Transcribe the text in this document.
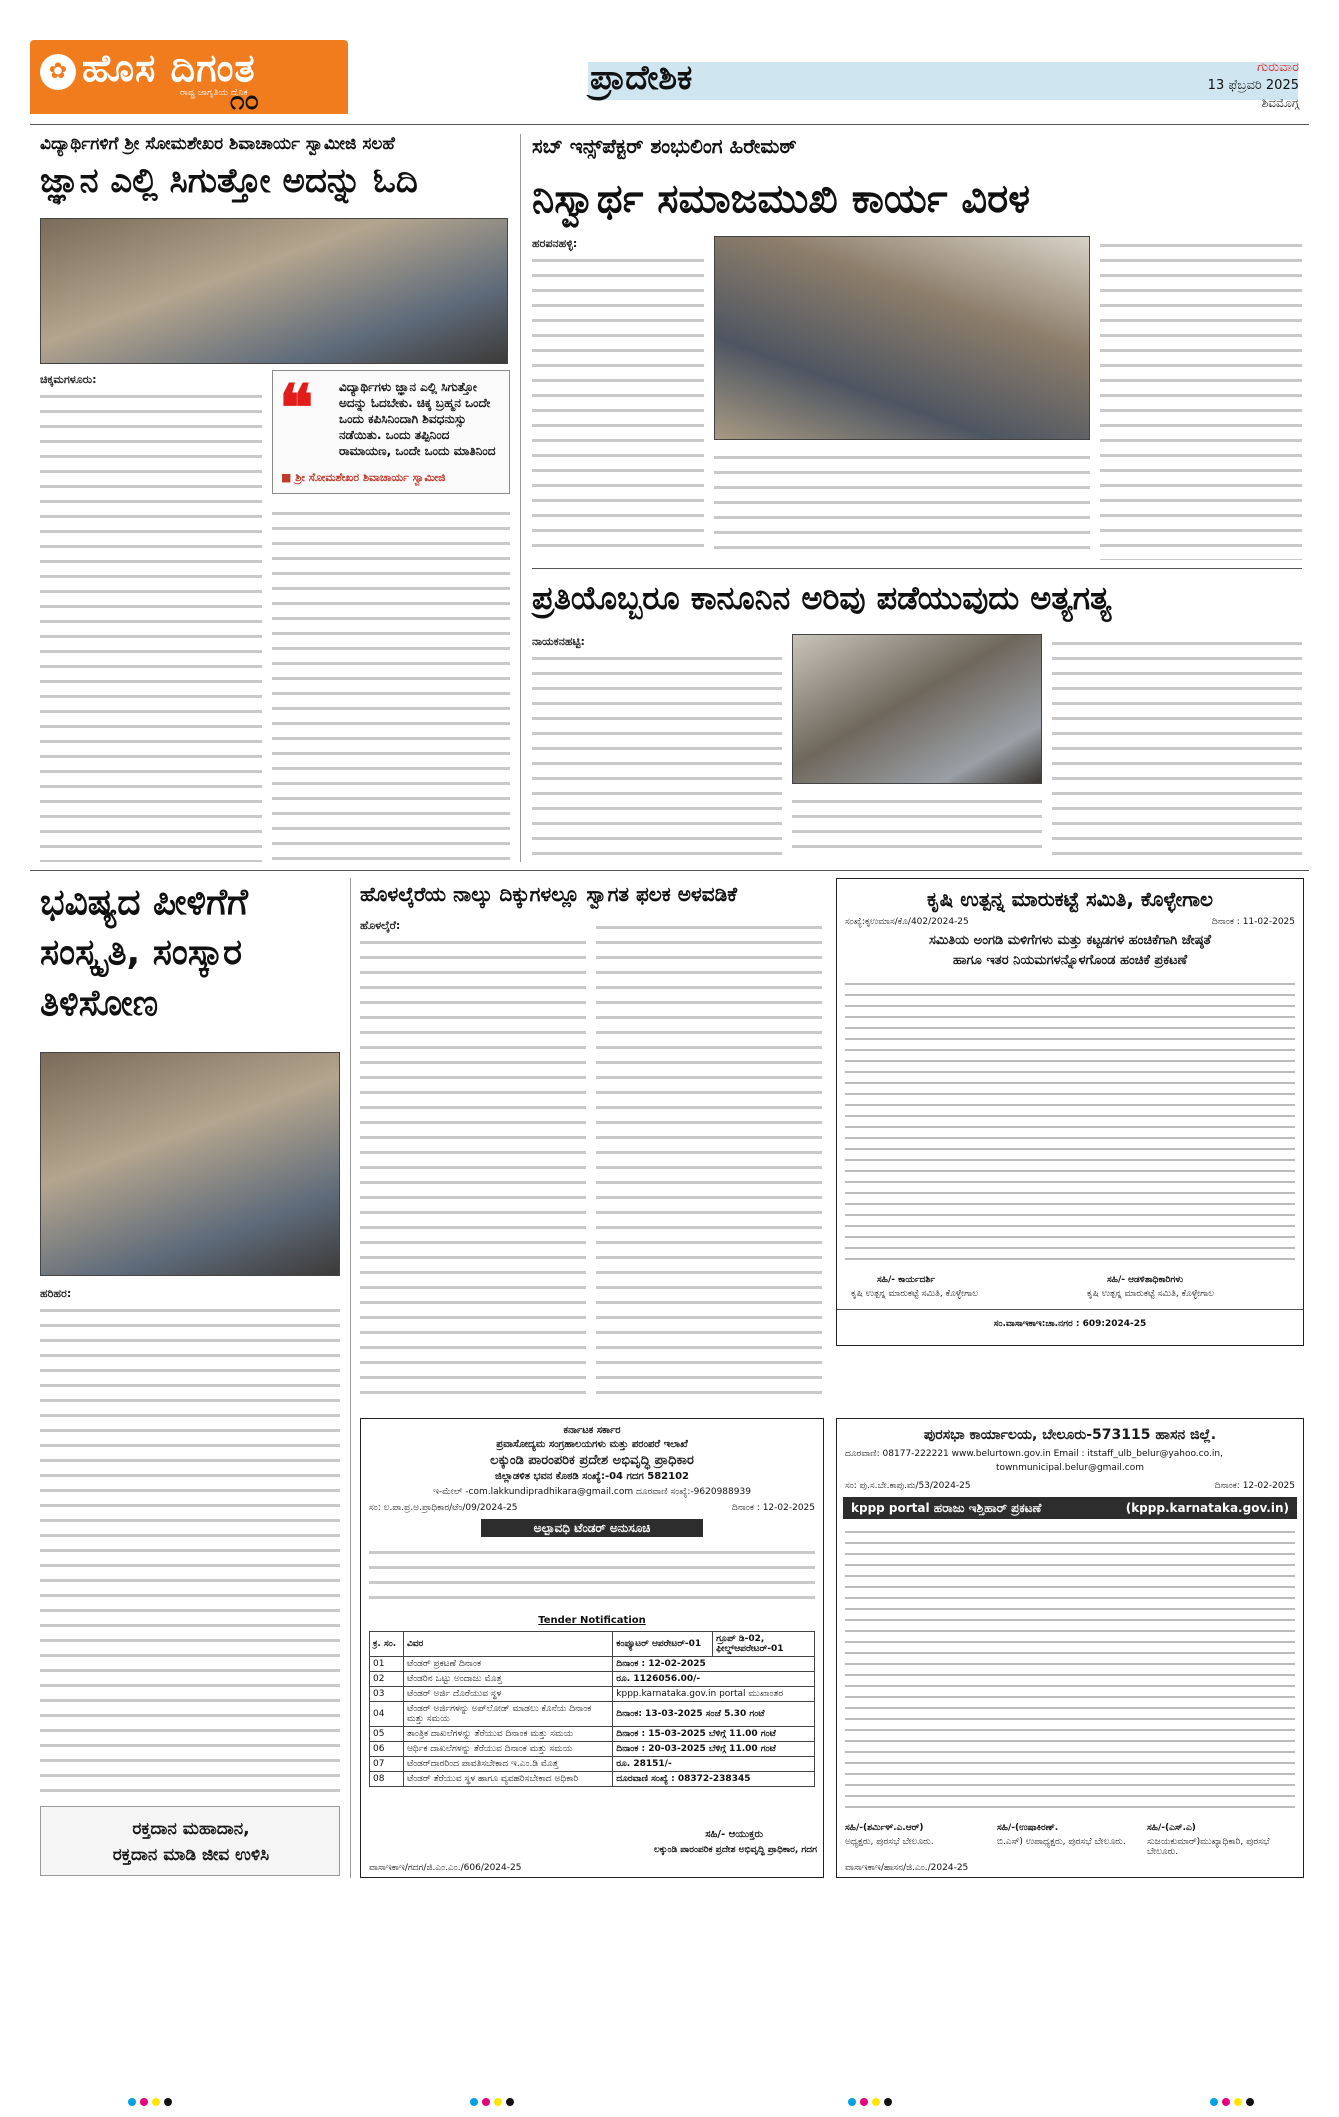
✿ ಹೊಸ ದಿಗಂತ
ರಾಷ್ಟ್ರ ಜಾಗೃತಿಯ ದೈನಿಕ
೧೦
ಪ್ರಾದೇಶಿಕ	ಗುರುವಾರ
13 ಫೆಬ್ರವರಿ 2025
ಶಿವಮೊಗ್ಗ
ವಿದ್ಯಾರ್ಥಿಗಳಿಗೆ ಶ್ರೀ ಸೋಮಶೇಖರ ಶಿವಾಚಾರ್ಯ ಸ್ವಾಮೀಜಿ ಸಲಹೆ
ಜ್ಞಾನ ಎಲ್ಲಿ ಸಿಗುತ್ತೋ ಅದನ್ನು ಓದಿ
ಚಿಕ್ಕಮಗಳೂರು:	❝ ವಿದ್ಯಾರ್ಥಿಗಳು ಜ್ಞಾನ ಎಲ್ಲಿ ಸಿಗುತ್ತೋ ಅದನ್ನು ಓದಬೇಕು. ಚಿಕ್ಕ ಬ್ರಹ್ಮನ ಒಂದೇ ಒಂದು ಕಪಿಸಿನಿಂದಾಗಿ ಶಿವಧನುಸ್ಸು ನಡೆಯಿತು. ಒಂದು ತಪ್ಪಿನಿಂದ ರಾಮಾಯಣ, ಒಂದೇ ಒಂದು ಮಾತಿನಿಂದ
■ ಶ್ರೀ ಸೋಮಶೇಖರ ಶಿವಾಚಾರ್ಯ ಸ್ವಾಮೀಜಿ
ಸಬ್ ಇನ್ಸ್‌ಪೆಕ್ಟರ್ ಶಂಭುಲಿಂಗ ಹಿರೇಮಠ್
ನಿಸ್ವಾರ್ಥ ಸಮಾಜಮುಖಿ ಕಾರ್ಯ ವಿರಳ
ಹರಪನಹಳ್ಳಿ:
ಪ್ರತಿಯೊಬ್ಬರೂ ಕಾನೂನಿನ ಅರಿವು ಪಡೆಯುವುದು ಅತ್ಯಗತ್ಯ
ನಾಯಕನಹಟ್ಟಿ:
ಭವಿಷ್ಯದ ಪೀಳಿಗೆಗೆ ಸಂಸ್ಕೃತಿ, ಸಂಸ್ಕಾರ ತಿಳಿಸೋಣ
ಹರಿಹರ:
ರಕ್ತದಾನ ಮಹಾದಾನ,
ರಕ್ತದಾನ ಮಾಡಿ ಜೀವ ಉಳಿಸಿ
ಹೊಳಲ್ಕೆರೆಯ ನಾಲ್ಕು ದಿಕ್ಕುಗಳಲ್ಲೂ ಸ್ವಾಗತ ಫಲಕ ಅಳವಡಿಕೆ
ಹೊಳಲ್ಕೆರೆ:
ಕರ್ನಾಟಕ ಸರ್ಕಾರ
ಪ್ರವಾಸೋದ್ಯಮ ಸಂಗ್ರಹಾಲಯಗಳು ಮತ್ತು ಪರಂಪರೆ ಇಲಾಖೆ
ಲಕ್ಕುಂಡಿ ಪಾರಂಪರಿಕ ಪ್ರದೇಶ ಅಭಿವೃದ್ಧಿ ಪ್ರಾಧಿಕಾರ
ಜಿಲ್ಲಾಡಳಿತ ಭವನ ಕೊಠಡಿ ಸಂಖ್ಯೆ:-04 ಗದಗ 582102
ಇ-ಮೇಲ್ -com.lakkundipradhikara@gmail.com ದೂರವಾಣಿ ಸಂಖ್ಯೆ:-9620988939
ಸಂ: ಲ.ಪಾ.ಪ್ರ.ಅ.ಪ್ರಾಧಿಕಾರ/ಟೆಂ/09/2024-25	ದಿನಾಂಕ : 12-02-2025
ಅಲ್ಪಾವಧಿ ಟೆಂಡರ್ ಅನುಸೂಚಿ
Tender Notification
ಕ್ರ. ಸಂ.	ವಿವರ	ಕಂಪ್ಯೂಟರ್ ಆಪರೇಟರ್-01	ಗ್ರೂಪ್ ಡಿ-02, ಫೀಲ್ಡ್ಆಪರೇಟರ್-01
01	ಟೆಂಡರ್ ಪ್ರಕಟಣೆ ದಿನಾಂಕ	ದಿನಾಂಕ : 12-02-2025	
02	ಟೆಂಡರಿನ ಒಟ್ಟು ಅಂದಾಜು ಮೊತ್ತ	ರೂ. 1126056.00/-	
03	ಟೆಂಡರ್ ಅರ್ಜಿ ದೊರೆಯುವ ಸ್ಥಳ	kppp.karnataka.gov.in portal ಮುಖಾಂತರ	
04	ಟೆಂಡರ್ ಅರ್ಜಿಗಳನ್ನು ಅಪ್‌ಲೋಡ್ ಮಾಡಲು ಕೊನೆಯ ದಿನಾಂಕ ಮತ್ತು ಸಮಯ	ದಿನಾಂಕ: 13-03-2025 ಸಂಜೆ 5.30 ಗಂಟೆ	
05	ತಾಂತ್ರಿಕ ದಾಖಲೆಗಳನ್ನು ತೆರೆಯುವ ದಿನಾಂಕ ಮತ್ತು ಸಮಯ	ದಿನಾಂಕ : 15-03-2025 ಬೆಳಿಗ್ಗೆ 11.00 ಗಂಟೆ	
06	ಆರ್ಥಿಕ ದಾಖಲೆಗಳನ್ನು ತೆರೆಯುವ ದಿನಾಂಕ ಮತ್ತು ಸಮಯ	ದಿನಾಂಕ : 20-03-2025 ಬೆಳಿಗ್ಗೆ 11.00 ಗಂಟೆ	
07	ಟೆಂಡರ್‌ದಾರರಿಂದ ಪಾವತಿಸಬೇಕಾದ ಇ.ಎಂ.ಡಿ ಮೊತ್ತ	ರೂ. 28151/-	
08	ಟೆಂಡರ್ ತೆರೆಯುವ ಸ್ಥಳ ಹಾಗೂ ವ್ಯವಹರಿಸಬೇಕಾದ ಅಧಿಕಾರಿ	ದೂರವಾಣಿ ಸಂಖ್ಯೆ : 08372-238345	
ಸಹಿ/- ಆಯುಕ್ತರು
ಲಕ್ಕುಂಡಿ ಪಾರಂಪರಿಕ ಪ್ರದೇಶ ಅಭಿವೃದ್ಧಿ ಪ್ರಾಧಿಕಾರ, ಗದಗ
ವಾಸಾಇಕಾಇ/ಗದಗ/ಜಿ.ಎಂ.ಎಂ./606/2024-25
ಕೃಷಿ ಉತ್ಪನ್ನ ಮಾರುಕಟ್ಟೆ ಸಮಿತಿ, ಕೊಳ್ಳೇಗಾಲ
ಸಂಖ್ಯೆ:ಕೃಉಮಾಸ/ಕೊ/402/2024-25	ದಿನಾಂಕ : 11-02-2025
ಸಮಿತಿಯ ಅಂಗಡಿ ಮಳಿಗೆಗಳು ಮತ್ತು ಕಟ್ಟಡಗಳ ಹಂಚಿಕೆಗಾಗಿ ಜೇಷ್ಠತೆ
ಹಾಗೂ ಇತರ ನಿಯಮಗಳನ್ನೊಳಗೊಂಡ ಹಂಚಿಕೆ ಪ್ರಕಟಣೆ
ಸಹಿ/- ಕಾರ್ಯದರ್ಶಿ
ಕೃಷಿ ಉತ್ಪನ್ನ ಮಾರುಕಟ್ಟೆ ಸಮಿತಿ, ಕೊಳ್ಳೇಗಾಲ
ಸಹಿ/- ಆಡಳಿತಾಧಿಕಾರಿಗಳು
ಕೃಷಿ ಉತ್ಪನ್ನ ಮಾರುಕಟ್ಟೆ ಸಮಿತಿ, ಕೊಳ್ಳೇಗಾಲ
ಸಂ.ವಾಸಾಇಕಾಇ:ಚಾ.ನಗರ : 609:2024-25
ಪುರಸಭಾ ಕಾರ್ಯಾಲಯ, ಬೇಲೂರು-573115 ಹಾಸನ ಜಿಲ್ಲೆ.
ದೂರವಾಣಿ: 08177-222221 www.belurtown.gov.in Email : itstaff_ulb_belur@yahoo.co.in,
townmunicipal.belur@gmail.com
ಸಂ: ಪು.ಸ.ಬೇ.ಕಾಪು.ಮ/53/2024-25	ದಿನಾಂಕ: 12-02-2025
kppp portal ಹರಾಜು ಇಶ್ತಿಹಾರ್ ಪ್ರಕಟಣೆ	(kppp.karnataka.gov.in)
ಸಹಿ/-(ಶರ್ಮಿಳ್.ಎ.ಆರ್)
ಅಧ್ಯಕ್ಷರು, ಪುರಸಭೆ ಬೇಲೂರು.
ಸಹಿ/-(ಉಷಾಕಿರಣ್.
ಬಿ.ಎಸ್) ಉಪಾಧ್ಯಕ್ಷರು, ಪುರಸಭೆ ಬೇಲೂರು.
ಸಹಿ/-(ಎಸ್.ಎ)
ಸುಜಯಕುಮಾರ್)ಮುಖ್ಯಾಧಿಕಾರಿ, ಪುರಸಭೆ ಬೇಲೂರು.
ವಾಸಾಇಕಾಇ/ಹಾಸನ/ಜಿ.ಎಂ./2024-25
